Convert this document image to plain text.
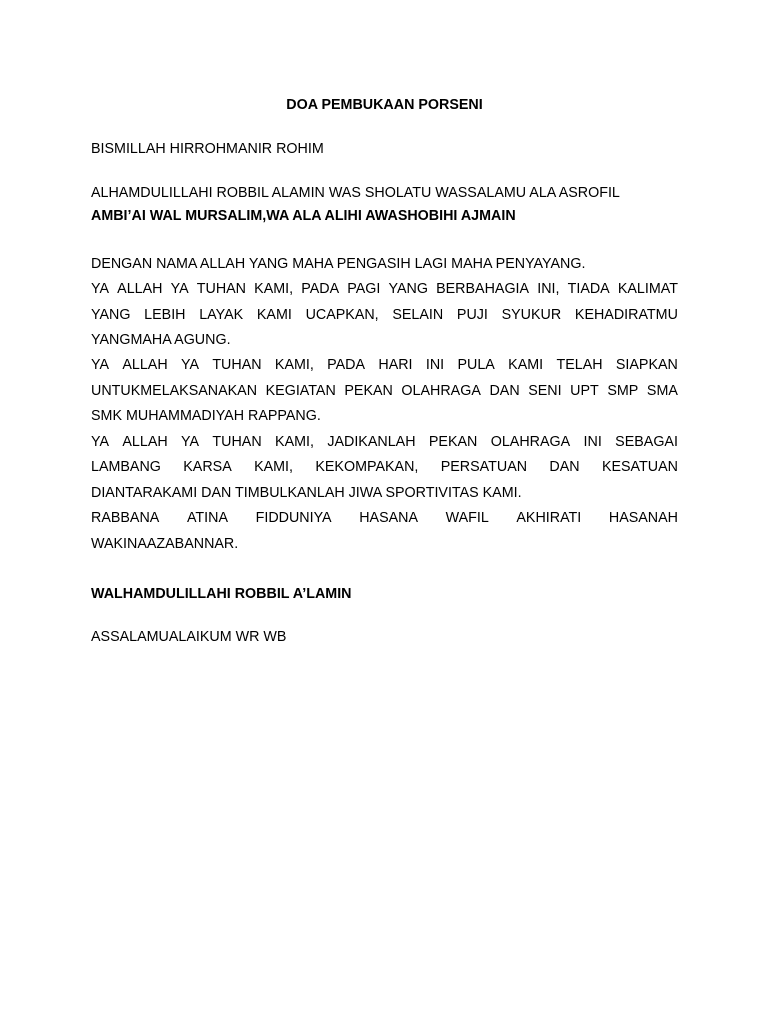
DOA PEMBUKAAN PORSENI
BISMILLAH HIRROHMANIR ROHIM
ALHAMDULILLAHI ROBBIL ALAMIN WAS SHOLATU WASSALAMU ALA ASROFIL
AMBI’AI WAL MURSALIM,WA ALA ALIHI AWASHOBIHI AJMAIN
DENGAN NAMA ALLAH YANG MAHA PENGASIH LAGI MAHA PENYAYANG.
YA ALLAH YA TUHAN KAMI, PADA PAGI YANG BERBAHAGIA INI, TIADA KALIMAT
YANG LEBIH LAYAK KAMI UCAPKAN, SELAIN PUJI SYUKUR KEHADIRATMU
YANGMAHA AGUNG.
YA ALLAH YA TUHAN KAMI, PADA HARI INI PULA KAMI TELAH SIAPKAN
UNTUKMELAKSANAKAN KEGIATAN PEKAN OLAHRAGA DAN SENI UPT SMP SMA
SMK MUHAMMADIYAH RAPPANG.
YA ALLAH YA TUHAN KAMI, JADIKANLAH PEKAN OLAHRAGA INI SEBAGAI
LAMBANG KARSA KAMI, KEKOMPAKAN, PERSATUAN DAN KESATUAN
DIANTARAKAMI DAN TIMBULKANLAH JIWA SPORTIVITAS KAMI.
RABBANA ATINA FIDDUNIYA HASANA WAFIL AKHIRATI HASANAH
WAKINAAZABANNAR.
WALHAMDULILLAHI ROBBIL A’LAMIN
ASSALAMUALAIKUM WR WB
